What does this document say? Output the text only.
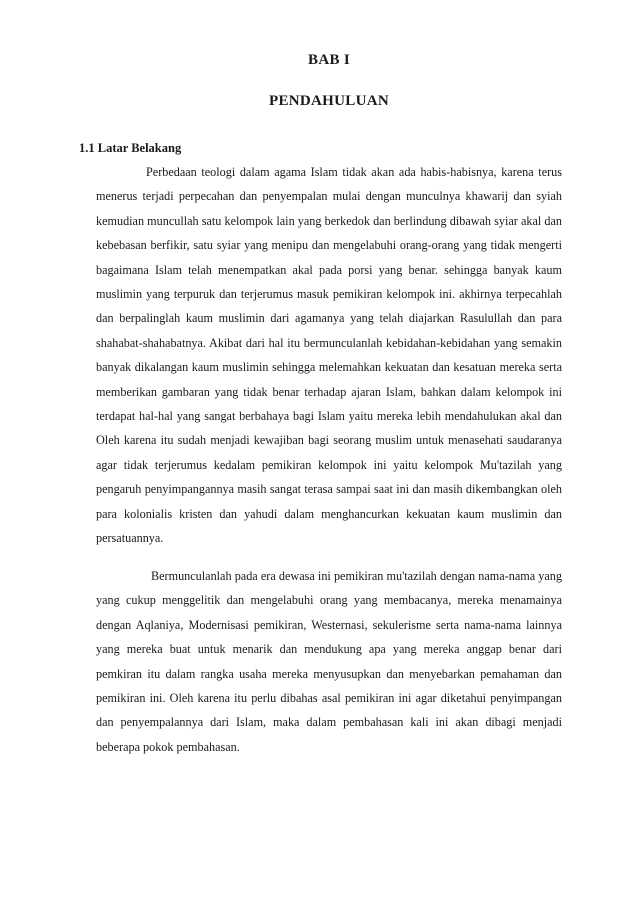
BAB I
PENDAHULUAN
1.1 Latar Belakang

Perbedaan teologi dalam agama Islam tidak akan ada habis-habisnya, karena terus menerus terjadi perpecahan dan penyempalan mulai dengan munculnya khawarij dan syiah kemudian muncullah satu kelompok lain yang berkedok dan berlindung dibawah syiar akal dan kebebasan berfikir, satu syiar yang menipu dan mengelabuhi orang-orang yang tidak mengerti bagaimana Islam telah menempatkan akal pada porsi yang benar. sehingga banyak kaum muslimin yang terpuruk dan terjerumus masuk pemikiran kelompok ini. akhirnya terpecahlah dan berpalinglah kaum muslimin dari agamanya yang telah diajarkan Rasulullah dan para shahabat-shahabatnya. Akibat dari hal itu bermunculanlah kebidahan-kebidahan yang semakin banyak dikalangan kaum muslimin sehingga melemahkan kekuatan dan kesatuan mereka serta memberikan gambaran yang tidak benar terhadap ajaran Islam, bahkan dalam kelompok ini terdapat hal-hal yang sangat berbahaya bagi Islam yaitu mereka lebih mendahulukan akal dan Oleh karena itu sudah menjadi kewajiban bagi seorang muslim untuk menasehati saudaranya agar tidak terjerumus kedalam pemikiran kelompok ini yaitu kelompok Mu'tazilah yang pengaruh penyimpangannya masih sangat terasa sampai saat ini dan masih dikembangkan oleh para kolonialis kristen dan yahudi dalam menghancurkan kekuatan kaum muslimin dan persatuannya.

Bermunculanlah pada era dewasa ini pemikiran mu'tazilah dengan nama-nama yang yang cukup menggelitik dan mengelabuhi orang yang membacanya, mereka menamainya dengan Aqlaniya, Modernisasi pemikiran, Westernasi, sekulerisme serta nama-nama lainnya yang mereka buat untuk menarik dan mendukung apa yang mereka anggap benar dari pemkiran itu dalam rangka usaha mereka menyusupkan dan menyebarkan pemahaman dan pemikiran ini. Oleh karena itu perlu dibahas asal pemikiran ini agar diketahui penyimpangan dan penyempalannya dari Islam, maka dalam pembahasan kali ini akan dibagi menjadi beberapa pokok pembahasan.
